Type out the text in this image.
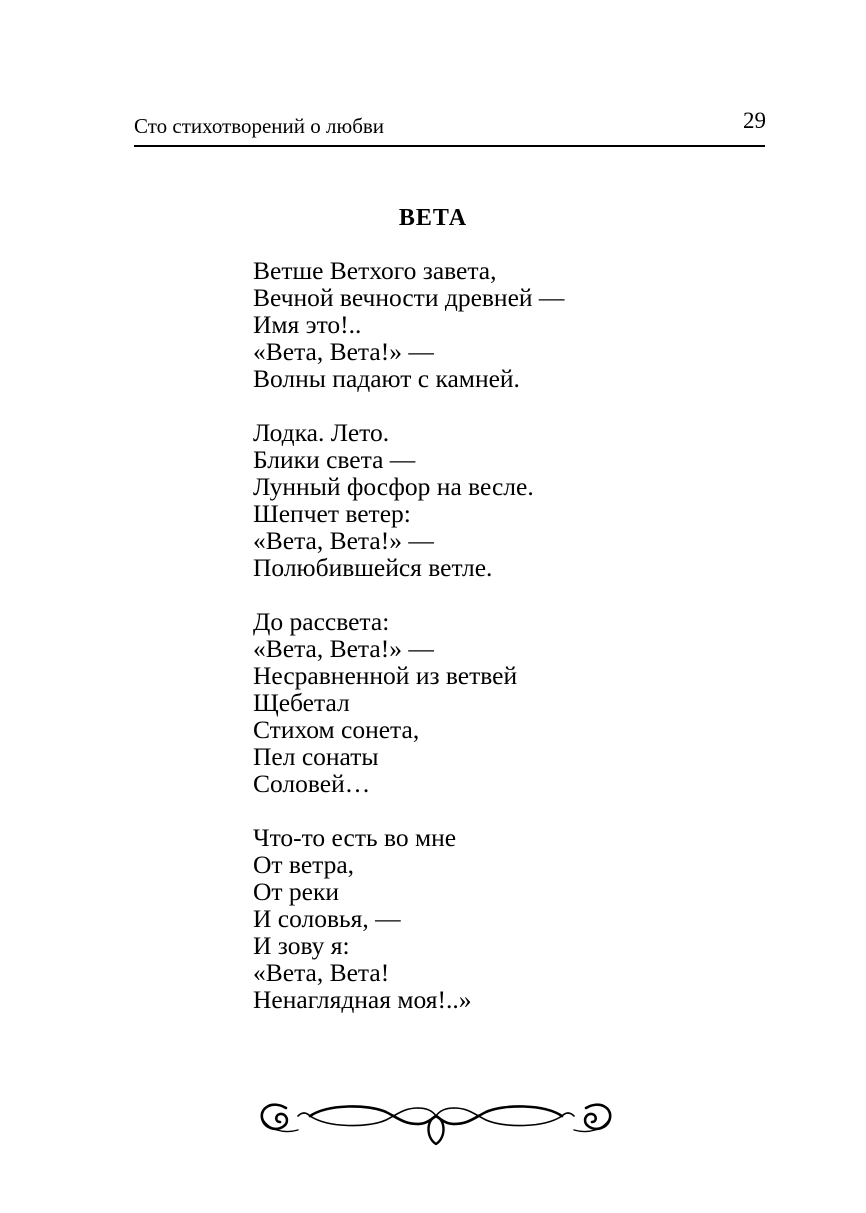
Сто стихотворений о любви	29
ВЕТА
Ветше Ветхого завета,
Вечной вечности древней —
Имя это!..
«Вета, Вета!» —
Волны падают с камней.
Лодка. Лето.
Блики света —
Лунный фосфор на весле.
Шепчет ветер:
«Вета, Вета!» —
Полюбившейся ветле.
До рассвета:
«Вета, Вета!» —
Несравненной из ветвей
Щебетал
Стихом сонета,
Пел сонаты
Соловей…
Что-то есть во мне
От ветра,
От реки
И соловья, —
И зову я:
«Вета, Вета!
Ненаглядная моя!..»
